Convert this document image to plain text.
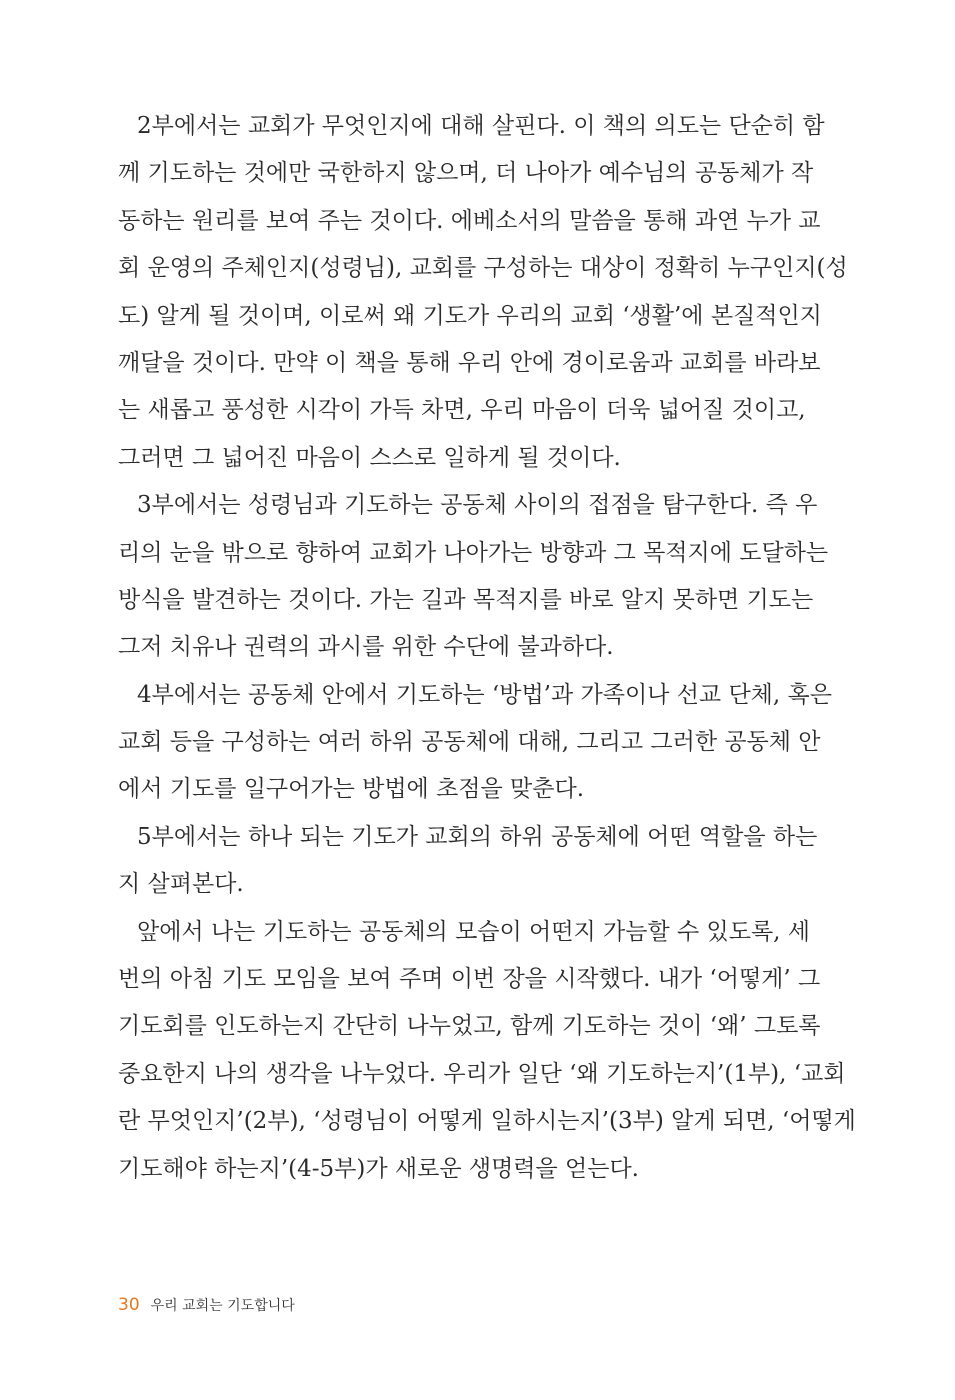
2부에서는 교회가 무엇인지에 대해 살핀다. 이 책의 의도는 단순히 함
께 기도하는 것에만 국한하지 않으며, 더 나아가 예수님의 공동체가 작
동하는 원리를 보여 주는 것이다. 에베소서의 말씀을 통해 과연 누가 교
회 운영의 주체인지(성령님), 교회를 구성하는 대상이 정확히 누구인지(성
도) 알게 될 것이며, 이로써 왜 기도가 우리의 교회 ‘생활’에 본질적인지
깨달을 것이다. 만약 이 책을 통해 우리 안에 경이로움과 교회를 바라보
는 새롭고 풍성한 시각이 가득 차면, 우리 마음이 더욱 넓어질 것이고,
그러면 그 넓어진 마음이 스스로 일하게 될 것이다.
3부에서는 성령님과 기도하는 공동체 사이의 접점을 탐구한다. 즉 우
리의 눈을 밖으로 향하여 교회가 나아가는 방향과 그 목적지에 도달하는
방식을 발견하는 것이다. 가는 길과 목적지를 바로 알지 못하면 기도는
그저 치유나 권력의 과시를 위한 수단에 불과하다.
4부에서는 공동체 안에서 기도하는 ‘방법’과 가족이나 선교 단체, 혹은
교회 등을 구성하는 여러 하위 공동체에 대해, 그리고 그러한 공동체 안
에서 기도를 일구어가는 방법에 초점을 맞춘다.
5부에서는 하나 되는 기도가 교회의 하위 공동체에 어떤 역할을 하는
지 살펴본다.
앞에서 나는 기도하는 공동체의 모습이 어떤지 가늠할 수 있도록, 세
번의 아침 기도 모임을 보여 주며 이번 장을 시작했다. 내가 ‘어떻게’ 그
기도회를 인도하는지 간단히 나누었고, 함께 기도하는 것이 ‘왜’ 그토록
중요한지 나의 생각을 나누었다. 우리가 일단 ‘왜 기도하는지’(1부), ‘교회
란 무엇인지’(2부), ‘성령님이 어떻게 일하시는지’(3부) 알게 되면, ‘어떻게
기도해야 하는지’(4-5부)가 새로운 생명력을 얻는다.
30 우리 교회는 기도합니다
